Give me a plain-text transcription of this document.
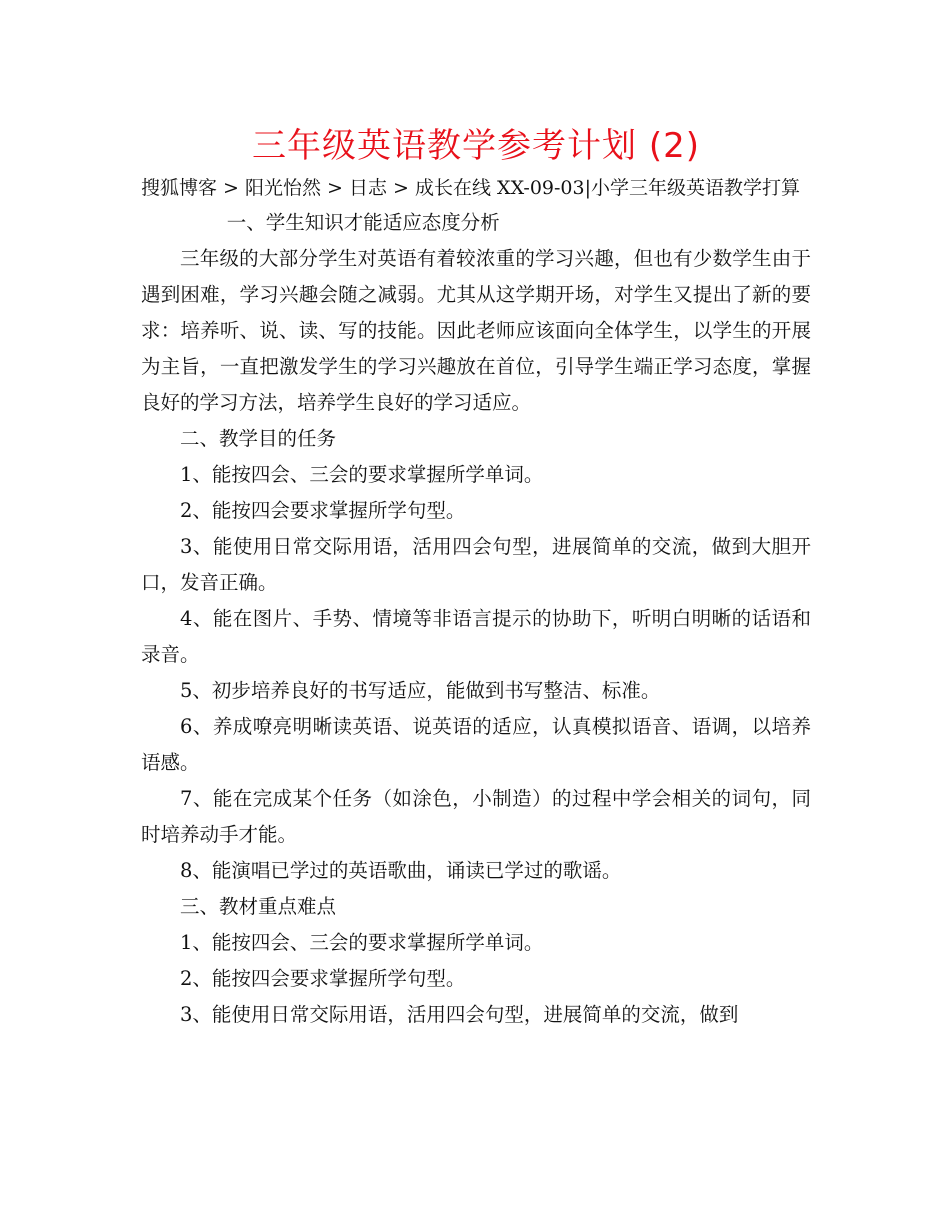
三年级英语教学参考计划 (2)
搜狐博客 > 阳光怡然 > 日志 > 成长在线 XX-09-03|小学三年级英语教学打算

一、学生知识才能适应态度分析

三年级的大部分学生对英语有着较浓重的学习兴趣，但也有少数学生由于遇到困难，学习兴趣会随之减弱。尤其从这学期开场，对学生又提出了新的要求：培养听、说、读、写的技能。因此老师应该面向全体学生，以学生的开展为主旨，一直把激发学生的学习兴趣放在首位，引导学生端正学习态度，掌握良好的学习方法，培养学生良好的学习适应。

二、教学目的任务

1、能按四会、三会的要求掌握所学单词。

2、能按四会要求掌握所学句型。

3、能使用日常交际用语，活用四会句型，进展简单的交流，做到大胆开口，发音正确。

4、能在图片、手势、情境等非语言提示的协助下，听明白明晰的话语和录音。

5、初步培养良好的书写适应，能做到书写整洁、标准。

6、养成嘹亮明晰读英语、说英语的适应，认真模拟语音、语调，以培养语感。

7、能在完成某个任务（如涂色，小制造）的过程中学会相关的词句，同时培养动手才能。

8、能演唱已学过的英语歌曲，诵读已学过的歌谣。

三、教材重点难点

1、能按四会、三会的要求掌握所学单词。

2、能按四会要求掌握所学句型。

3、能使用日常交际用语，活用四会句型，进展简单的交流，做到
